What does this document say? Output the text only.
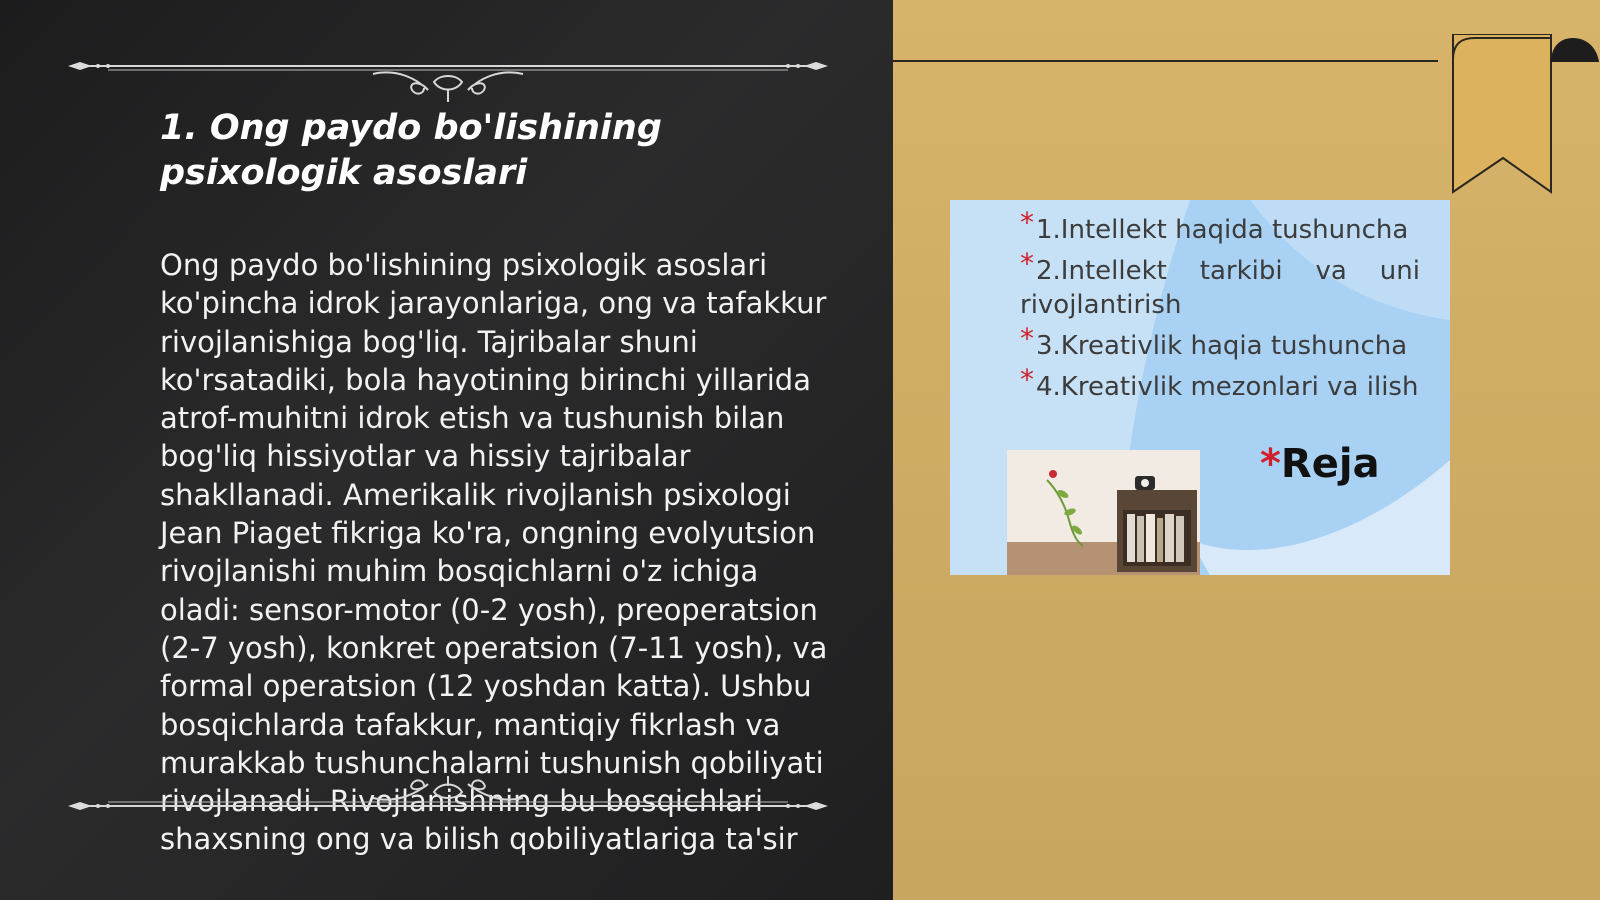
1. Ong paydo bo'lishining psixologik asoslari

Ong paydo bo'lishining psixologik asoslari ko'pincha idrok jarayonlariga, ong va tafakkur rivojlanishiga bog'liq. Tajribalar shuni ko'rsatadiki, bola hayotining birinchi yillarida atrof-muhitni idrok etish va tushunish bilan bog'liq hissiyotlar va hissiy tajribalar shakllanadi. Amerikalik rivojlanish psixologi Jean Piaget fikriga ko'ra, ongning evolyutsion rivojlanishi muhim bosqichlarni o'z ichiga oladi: sensor-motor (0-2 yosh), preoperatsion (2-7 yosh), konkret operatsion (7-11 yosh), va formal operatsion (12 yoshdan katta). Ushbu bosqichlarda tafakkur, mantiqiy fikrlash va murakkab tushunchalarni tushunish qobiliyati rivojlanadi. Rivojlanishning bu bosqichlari shaxsning ong va bilish qobiliyatlariga ta'sir

*1.Intellekt haqida tushuncha
*2.Intellekt tarkibi va uni rivojlantirish
*3.Kreativlik haqia tushuncha
*4.Kreativlik mezonlari va ilish
*Reja
